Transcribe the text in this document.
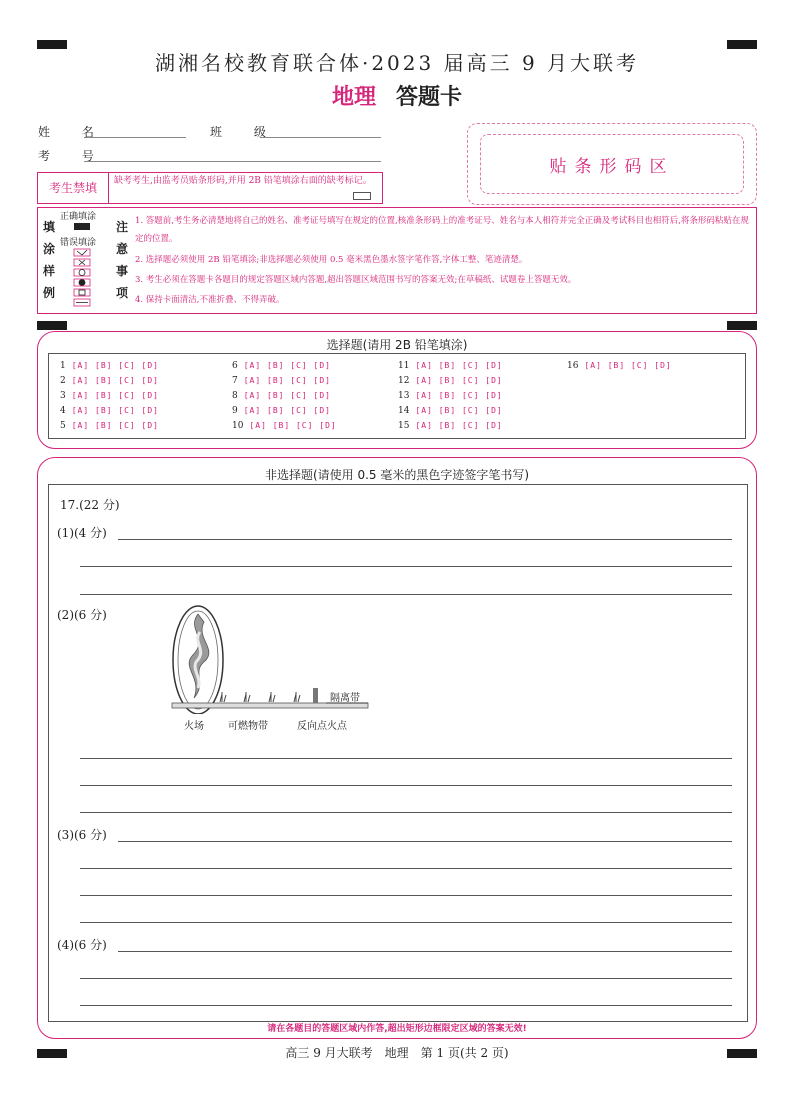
湖湘名校教育联合体·2023 届高三 9 月大联考
地理 答题卡
姓 名	班 级
考 号
贴条形码区
考生禁填	缺考考生,由监考员贴条形码,并用 2B 铅笔填涂右面的缺考标记。
填
涂
样
例
正确填涂
错误填涂
注
意
事
项
1. 答题前,考生务必清楚地将自己的姓名、准考证号填写在规定的位置,核准条形码上的准考证号、姓名与本人相符并完全正确及考试科目也相符后,将条形码粘贴在规定的位置。
2. 选择题必须使用 2B 铅笔填涂;非选择题必须使用 0.5 毫米黑色墨水签字笔作答,字体工整、笔迹清楚。
3. 考生必须在答题卡各题目的规定答题区域内答题,超出答题区域范围书写的答案无效;在草稿纸、试题卷上答题无效。
4. 保持卡面清洁,不准折叠、不得弄破。
选择题(请用 2B 铅笔填涂)
1 [A] [B] [C] [D]
2 [A] [B] [C] [D]
3 [A] [B] [C] [D]
4 [A] [B] [C] [D]
5 [A] [B] [C] [D]
6 [A] [B] [C] [D]
7 [A] [B] [C] [D]
8 [A] [B] [C] [D]
9 [A] [B] [C] [D]
10 [A] [B] [C] [D]
11 [A] [B] [C] [D]
12 [A] [B] [C] [D]
13 [A] [B] [C] [D]
14 [A] [B] [C] [D]
15 [A] [B] [C] [D]
16 [A] [B] [C] [D]
非选择题(请使用 0.5 毫米的黑色字迹签字笔书写)
17.(22 分)
(1)(4 分)
(2)(6 分)
火场 可燃物带	反向点火点
隔离带
(3)(6 分)
(4)(6 分)
请在各题目的答题区域内作答,超出矩形边框限定区域的答案无效!
高三 9 月大联考　地理　第 1 页(共 2 页)
